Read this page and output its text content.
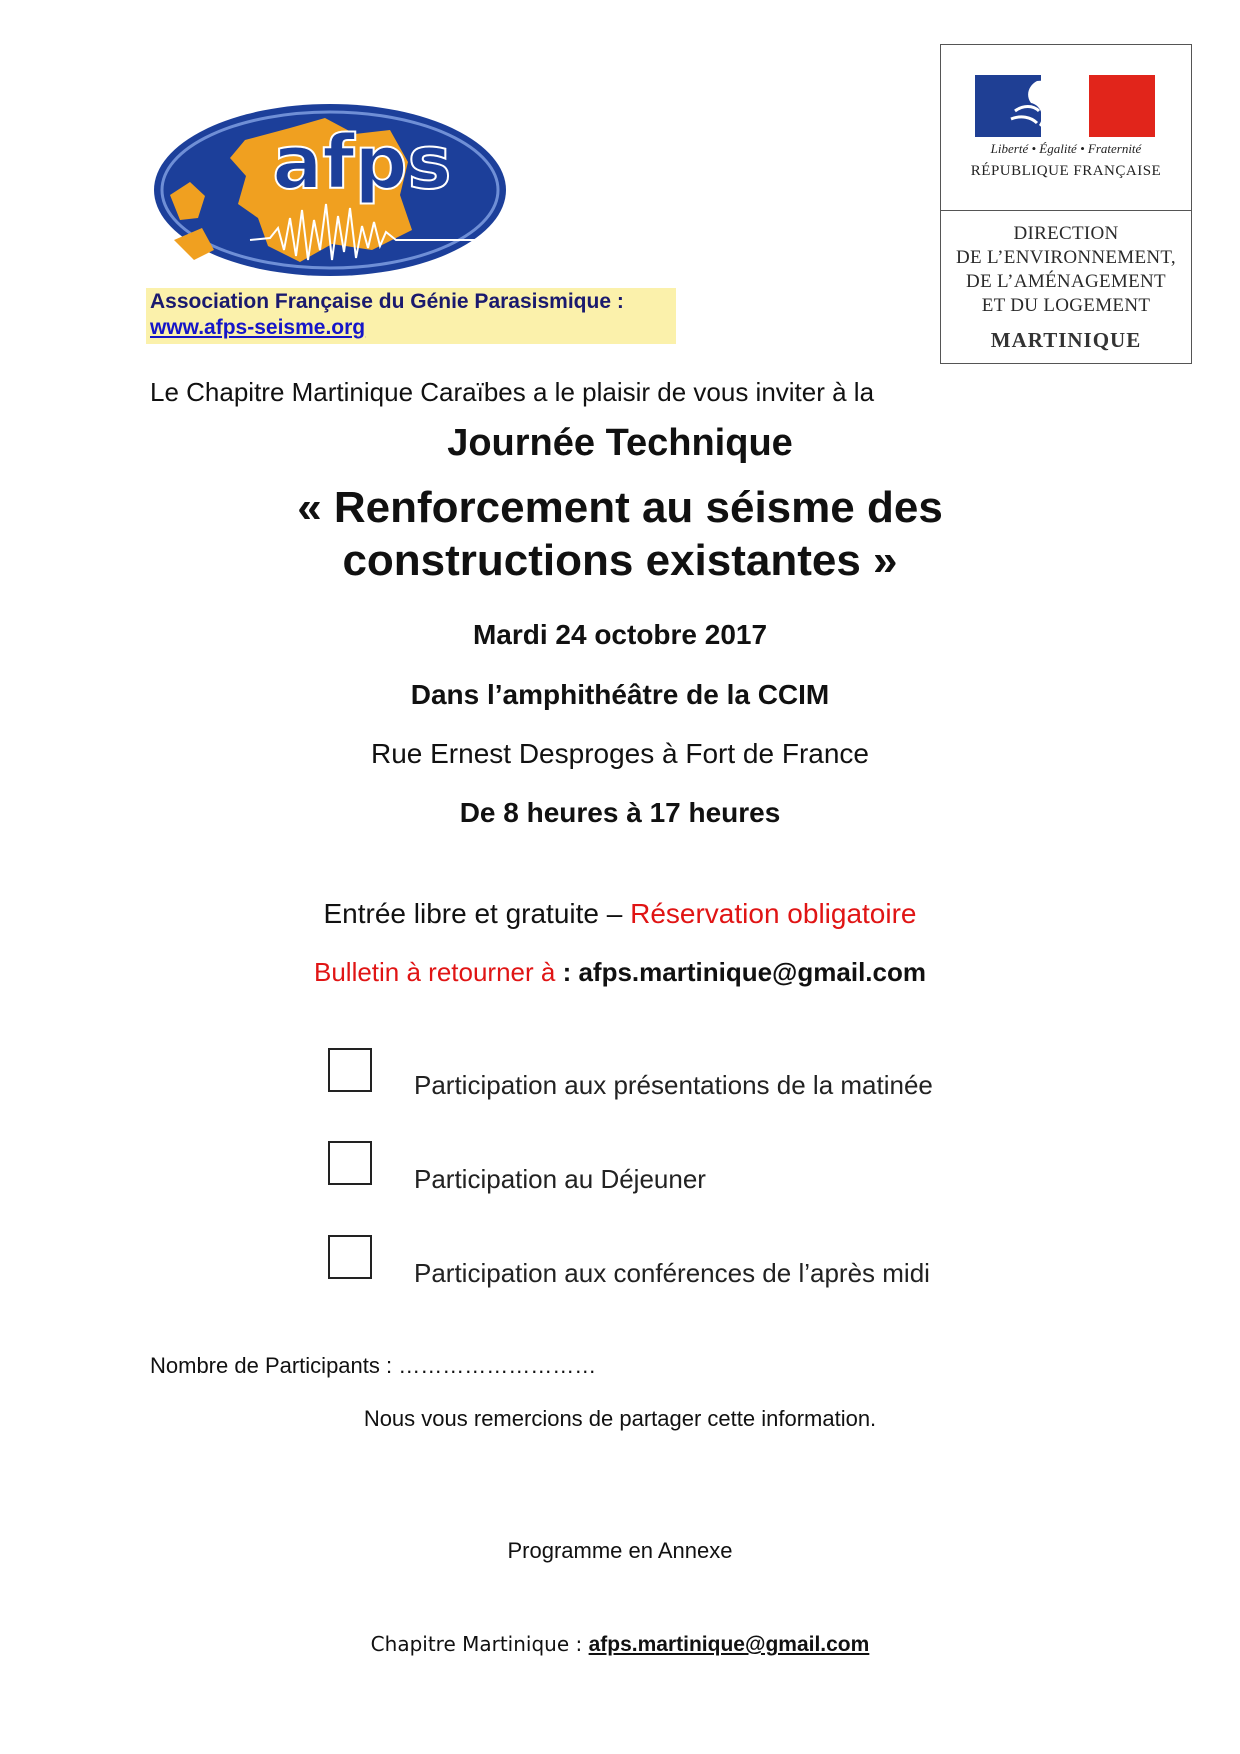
afps
Association Française du Génie Parasismique :
www.afps-seisme.org
Liberté • Égalité • Fraternité
RÉPUBLIQUE FRANÇAISE
DIRECTION
DE L’ENVIRONNEMENT,
DE L’AMÉNAGEMENT
ET DU LOGEMENT
MARTINIQUE
Le Chapitre Martinique Caraïbes a le plaisir de vous inviter à la
Journée Technique
« Renforcement au séisme des
constructions existantes »
Mardi 24 octobre 2017
Dans l’amphithéâtre de la CCIM
Rue Ernest Desproges à Fort de France
De 8 heures à 17 heures
Entrée libre et gratuite – Réservation obligatoire
Bulletin à retourner à : afps.martinique@gmail.com
Participation aux présentations de la matinée
Participation au Déjeuner
Participation aux conférences de l’après midi
Nombre de Participants : ………………………
Nous vous remercions de partager cette information.
Programme en Annexe
Chapitre Martinique : afps.martinique@gmail.com
